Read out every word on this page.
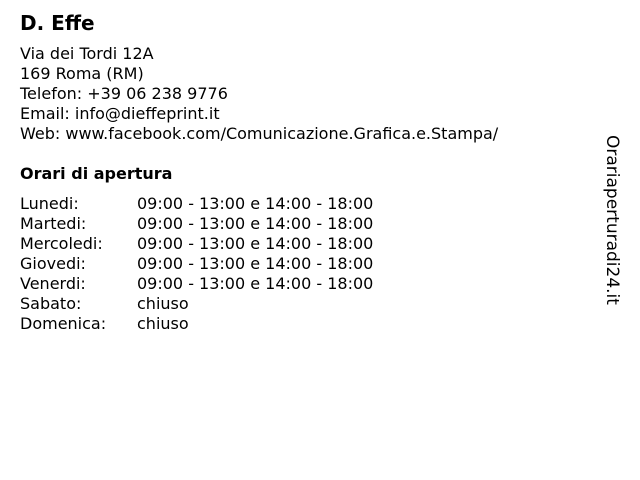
D. Effe
Via dei Tordi 12A
169 Roma (RM)
Telefon: +39 06 238 9776
Email: info@dieffeprint.it
Web: www.facebook.com/Comunicazione.Grafica.e.Stampa/
Orari di apertura
Lunedi:	09:00 - 13:00 e 14:00 - 18:00
Martedi:	09:00 - 13:00 e 14:00 - 18:00
Mercoledi:	09:00 - 13:00 e 14:00 - 18:00
Giovedi:	09:00 - 13:00 e 14:00 - 18:00
Venerdi:	09:00 - 13:00 e 14:00 - 18:00
Sabato:	chiuso
Domenica:	chiuso
Orariaperturadi24.it
